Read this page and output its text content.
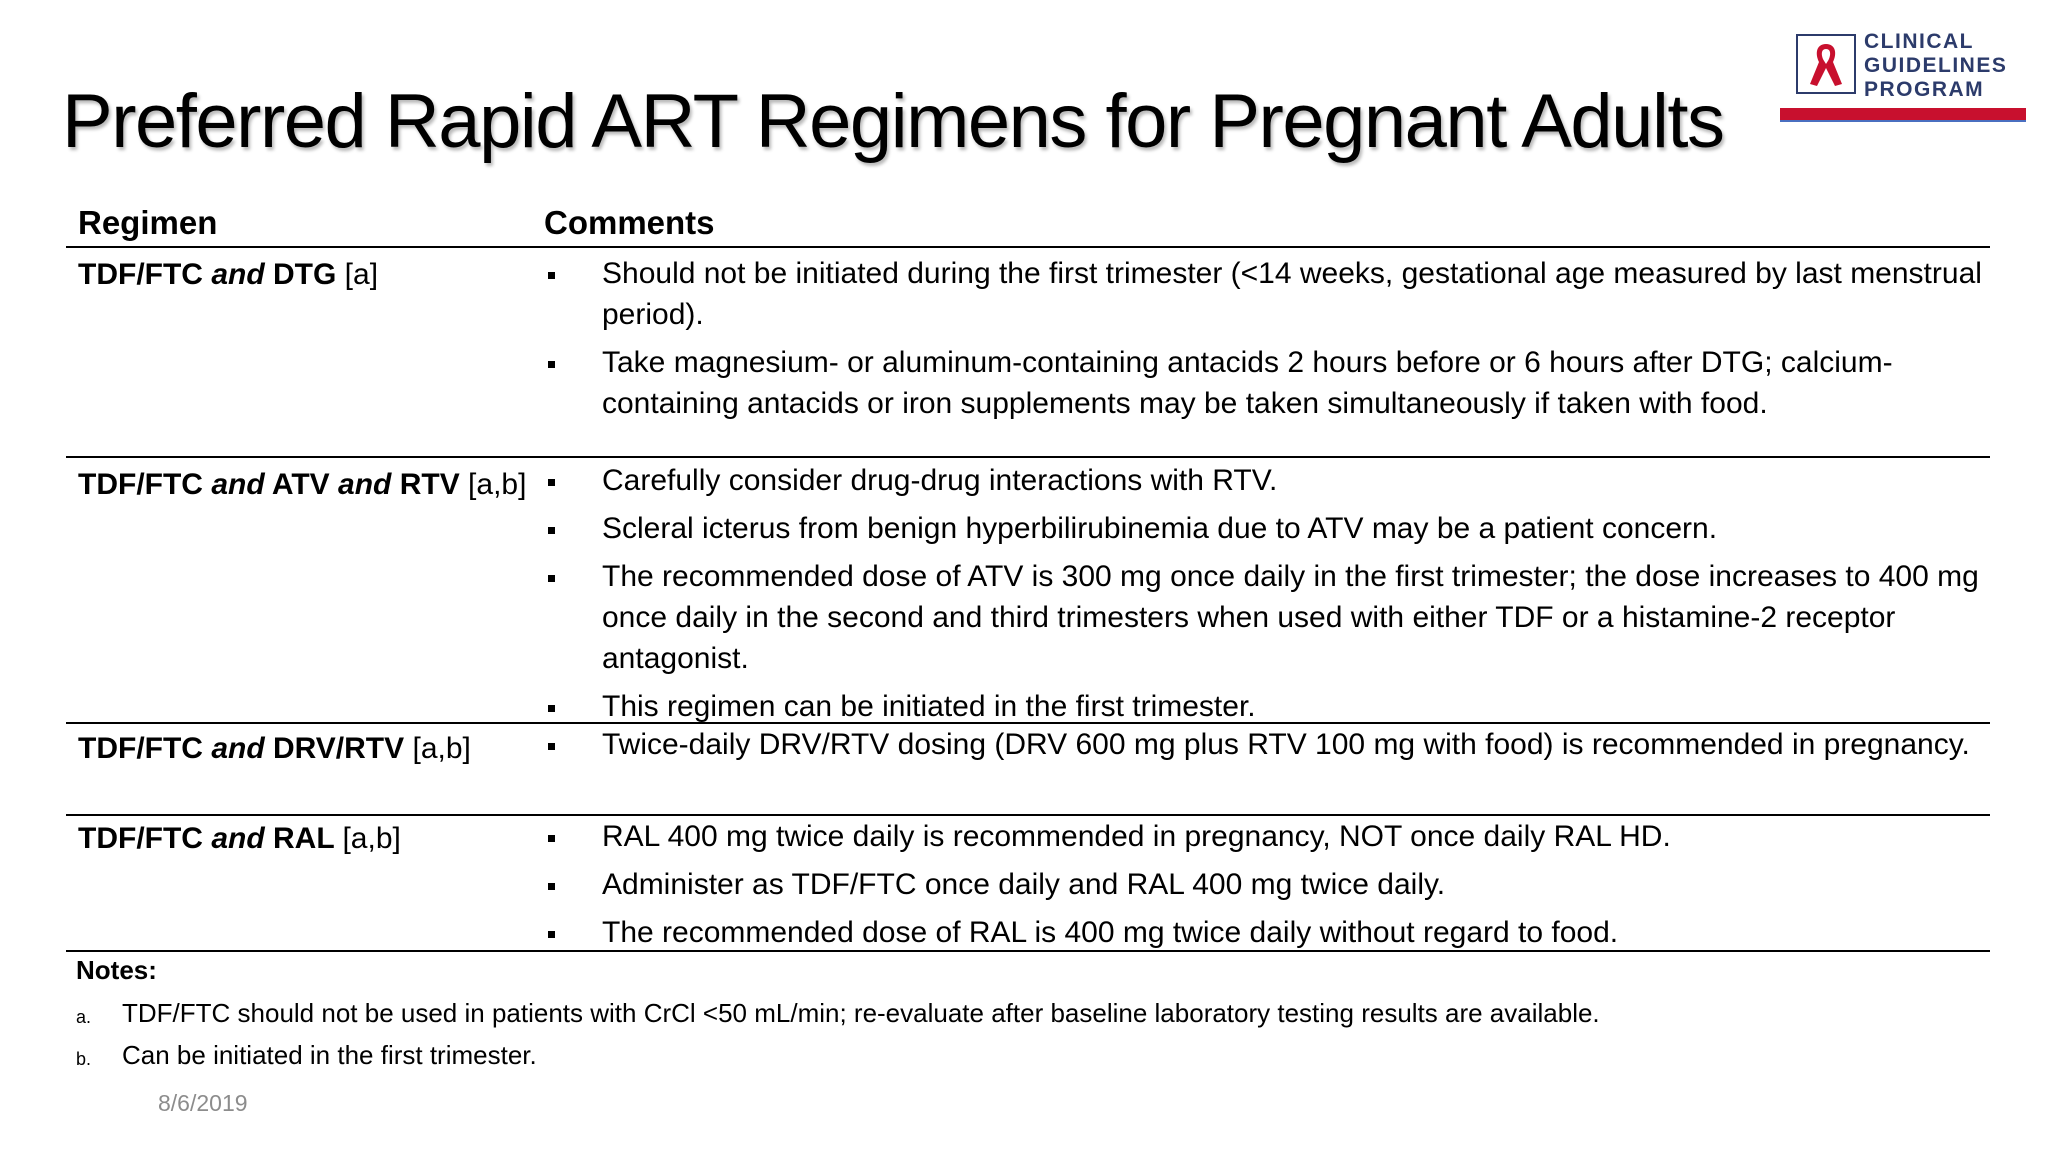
Preferred Rapid ART Regimens for Pregnant Adults
CLINICAL
GUIDELINES
PROGRAM
Regimen	Comments
TDF/FTC and DTG [a]	Should not be initiated during the first trimester (<14 weeks, gestational age measured by last menstrual period).
Take magnesium- or aluminum-containing antacids 2 hours before or 6 hours after DTG; calcium-containing antacids or iron supplements may be taken simultaneously if taken with food.
TDF/FTC and ATV and RTV [a,b]	Carefully consider drug-drug interactions with RTV.
Scleral icterus from benign hyperbilirubinemia due to ATV may be a patient concern.
The recommended dose of ATV is 300 mg once daily in the first trimester; the dose increases to 400 mg once daily in the second and third trimesters when used with either TDF or a histamine-2 receptor antagonist.
This regimen can be initiated in the first trimester.
TDF/FTC and DRV/RTV [a,b]	Twice-daily DRV/RTV dosing (DRV 600 mg plus RTV 100 mg with food) is recommended in pregnancy.
TDF/FTC and RAL [a,b]	RAL 400 mg twice daily is recommended in pregnancy, NOT once daily RAL HD.
Administer as TDF/FTC once daily and RAL 400 mg twice daily.
The recommended dose of RAL is 400 mg twice daily without regard to food.
Notes:
a. TDF/FTC should not be used in patients with CrCl <50 mL/min; re-evaluate after baseline laboratory testing results are available.
b. Can be initiated in the first trimester.
8/6/2019
